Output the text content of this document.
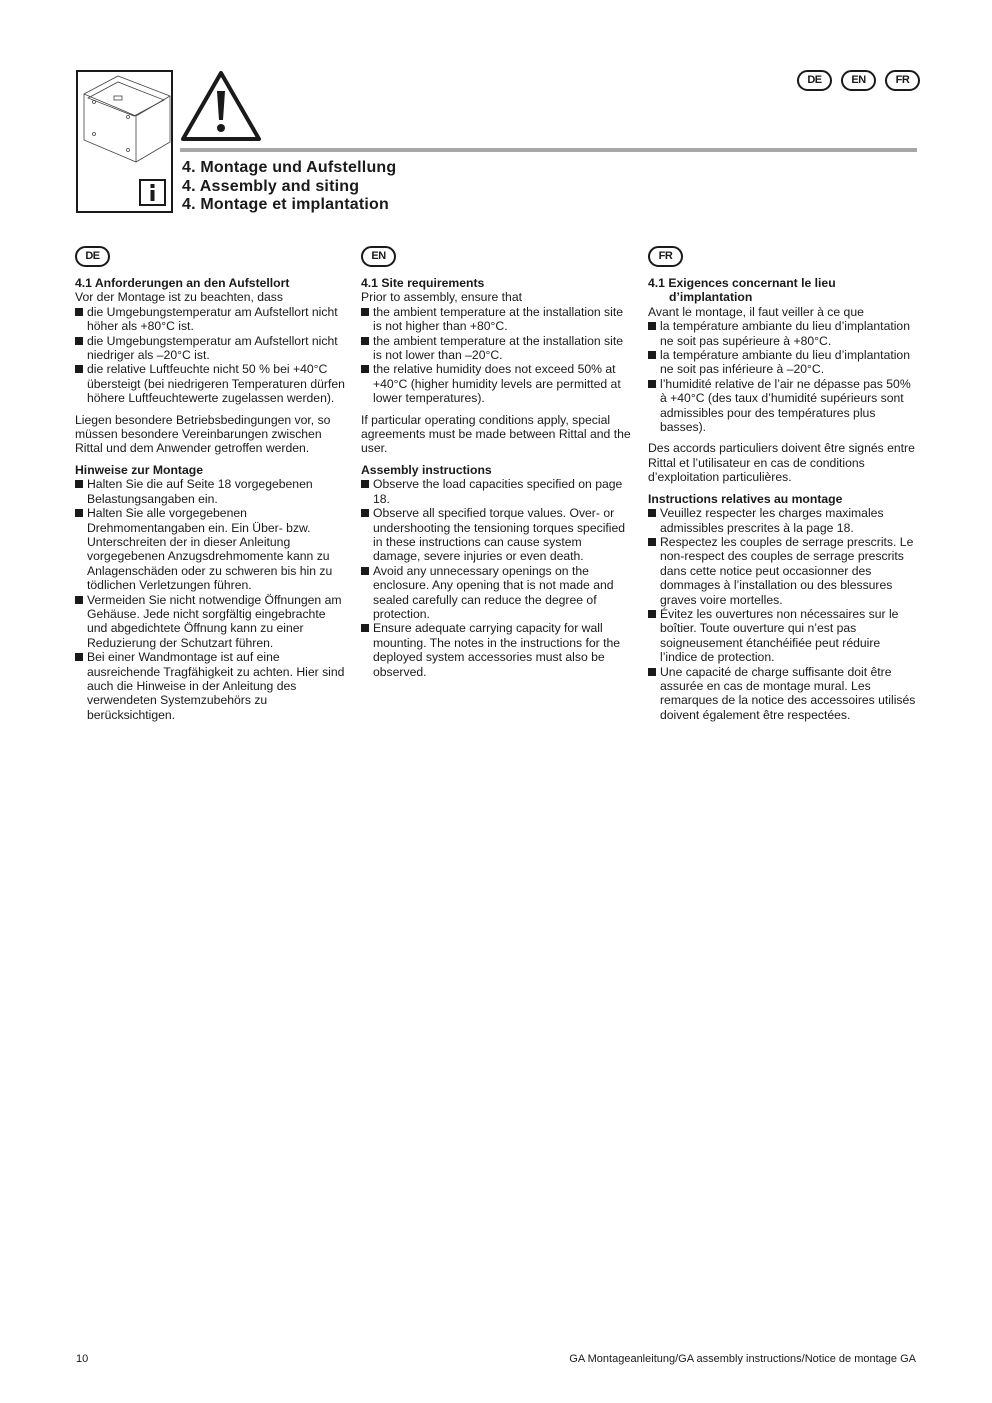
DE	EN	FR
4. Montage und Aufstellung
4. Assembly and siting
4. Montage et implantation
DE
4.1 Anforderungen an den Aufstellort
Vor der Montage ist zu beachten, dass
die Umgebungstemperatur am Aufstellort nicht höher als +80°C ist.
die Umgebungstemperatur am Aufstellort nicht niedriger als –20°C ist.
die relative Luftfeuchte nicht 50 % bei +40°C übersteigt (bei niedrigeren Temperaturen dürfen höhere Luftfeuchtewerte zugelassen werden).
Liegen besondere Betriebsbedingungen vor, so müssen besondere Vereinbarungen zwischen Rittal und dem Anwender getroffen werden.
Hinweise zur Montage
Halten Sie die auf Seite 18 vorgegebenen Belastungsangaben ein.
Halten Sie alle vorgegebenen Drehmomentangaben ein. Ein Über- bzw. Unterschreiten der in dieser Anleitung vorgegebenen Anzugsdrehmomente kann zu Anlagenschäden oder zu schweren bis hin zu tödlichen Verletzungen führen.
Vermeiden Sie nicht notwendige Öffnungen am Gehäuse. Jede nicht sorgfältig eingebrachte und abgedichtete Öffnung kann zu einer Reduzierung der Schutzart führen.
Bei einer Wandmontage ist auf eine ausreichende Tragfähigkeit zu achten. Hier sind auch die Hinweise in der Anleitung des verwendeten Systemzubehörs zu berücksichtigen.
EN
4.1 Site requirements
Prior to assembly, ensure that
the ambient temperature at the installation site is not higher than +80°C.
the ambient temperature at the installation site is not lower than –20°C.
the relative humidity does not exceed 50% at +40°C (higher humidity levels are permitted at lower temperatures).
If particular operating conditions apply, special agreements must be made between Rittal and the user.
Assembly instructions
Observe the load capacities specified on page 18.
Observe all specified torque values. Over- or undershooting the tensioning torques specified in these instructions can cause system damage, severe injuries or even death.
Avoid any unnecessary openings on the enclosure. Any opening that is not made and sealed carefully can reduce the degree of protection.
Ensure adequate carrying capacity for wall mounting. The notes in the instructions for the deployed system accessories must also be observed.
FR
4.1 Exigences concernant le lieu d’implantation
Avant le montage, il faut veiller à ce que
la température ambiante du lieu d’implantation ne soit pas supérieure à +80°C.
la température ambiante du lieu d’implantation ne soit pas inférieure à –20°C.
l’humidité relative de l’air ne dépasse pas 50% à +40°C (des taux d’humidité supérieurs sont admissibles pour des températures plus basses).
Des accords particuliers doivent être signés entre Rittal et l’utilisateur en cas de conditions d’exploitation particulières.
Instructions relatives au montage
Veuillez respecter les charges maximales admissibles prescrites à la page 18.
Respectez les couples de serrage prescrits. Le non-respect des couples de serrage prescrits dans cette notice peut occasionner des dommages à l’installation ou des blessures graves voire mortelles.
Évitez les ouvertures non nécessaires sur le boîtier. Toute ouverture qui n’est pas soigneusement étanchéifiée peut réduire l’indice de protection.
Une capacité de charge suffisante doit être assurée en cas de montage mural. Les remarques de la notice des accessoires utilisés doivent également être respectées.
10	GA Montageanleitung/GA assembly instructions/Notice de montage GA
